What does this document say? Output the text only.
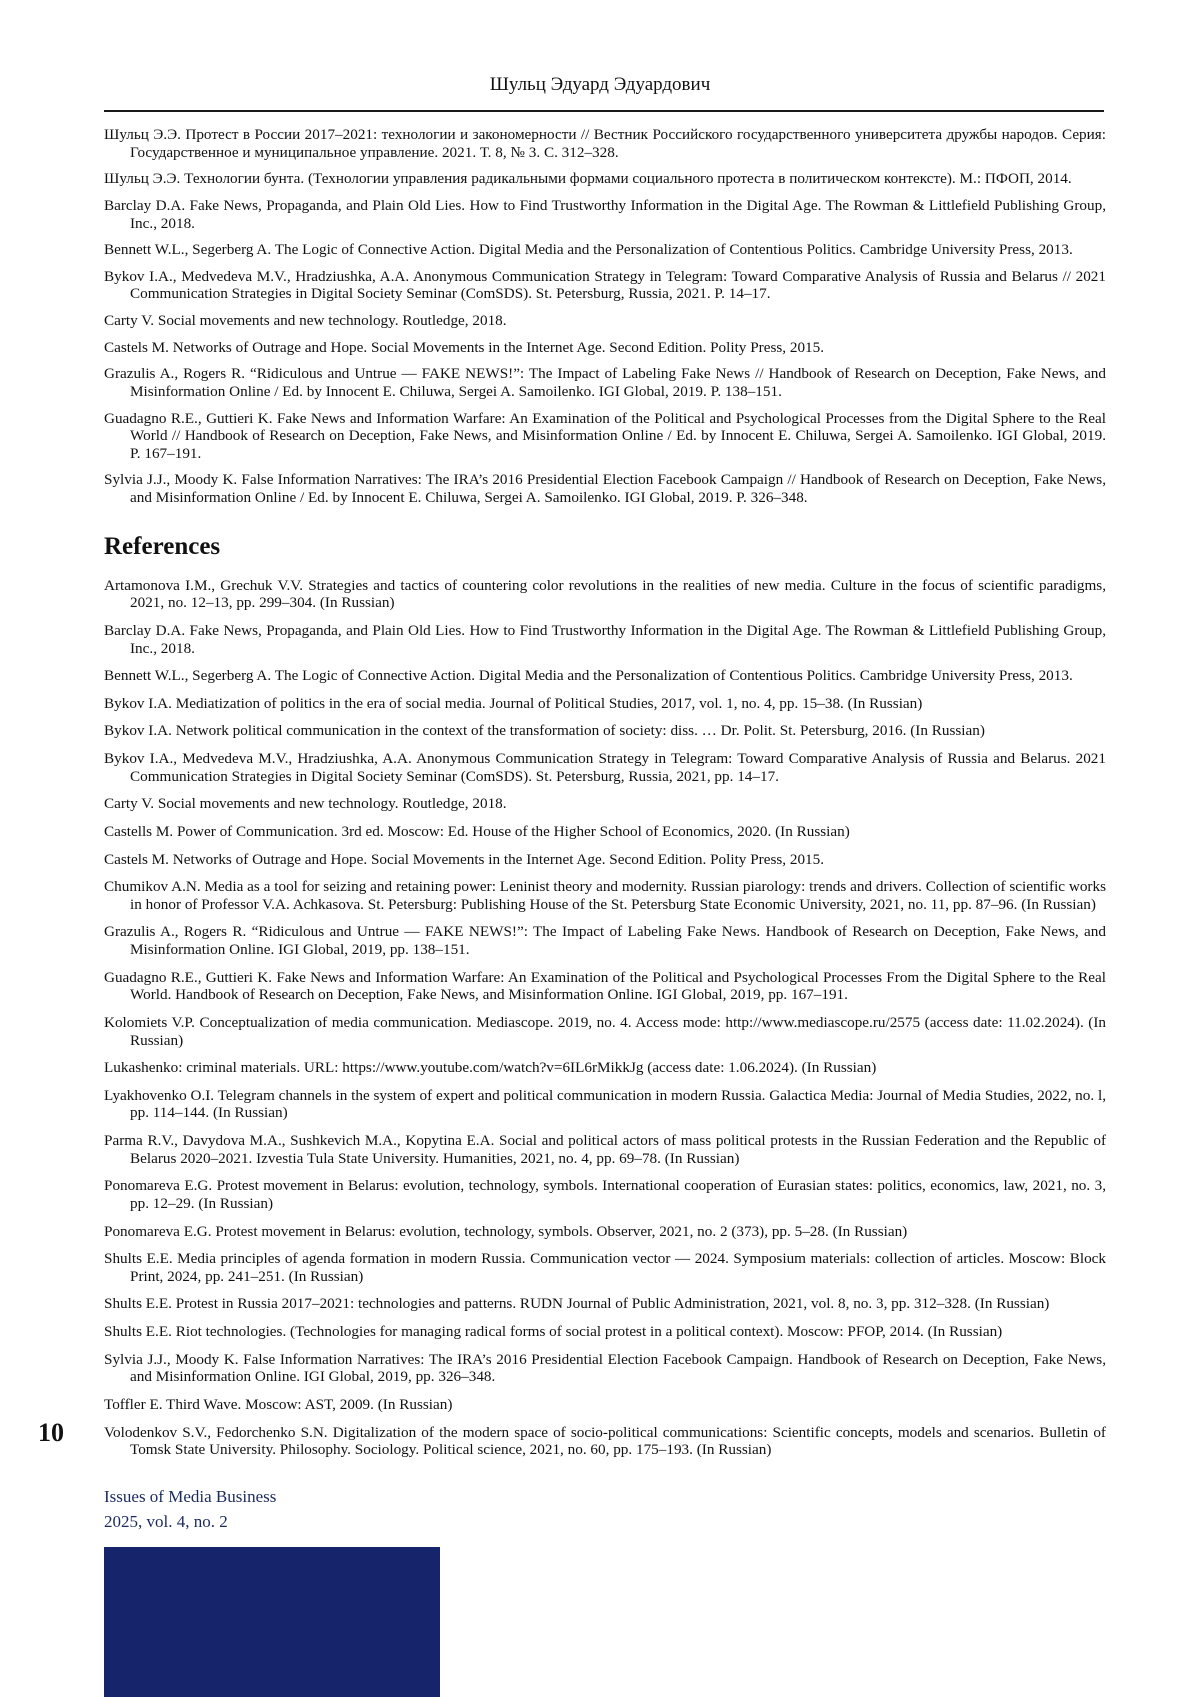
Шульц Эдуард Эдуардович
Шульц Э.Э. Протест в России 2017–2021: технологии и закономерности // Вестник Российского государственного университета дружбы народов. Серия: Государственное и муниципальное управление. 2021. Т. 8, № 3. С. 312–328.
Шульц Э.Э. Технологии бунта. (Технологии управления радикальными формами социального протеста в политическом контексте). М.: ПФОП, 2014.
Barclay D.A. Fake News, Propaganda, and Plain Old Lies. How to Find Trustworthy Information in the Digital Age. The Rowman & Littlefield Publishing Group, Inc., 2018.
Bennett W.L., Segerberg A. The Logic of Connective Action. Digital Media and the Personalization of Contentious Politics. Cambridge University Press, 2013.
Bykov I.A., Medvedeva M.V., Hradziushka, A.A. Anonymous Communication Strategy in Telegram: Toward Comparative Analysis of Russia and Belarus // 2021 Communication Strategies in Digital Society Seminar (ComSDS). St. Petersburg, Russia, 2021. P. 14–17.
Carty V. Social movements and new technology. Routledge, 2018.
Castels M. Networks of Outrage and Hope. Social Movements in the Internet Age. Second Edition. Polity Press, 2015.
Grazulis A., Rogers R. “Ridiculous and Untrue — FAKE NEWS!”: The Impact of Labeling Fake News // Handbook of Research on Deception, Fake News, and Misinformation Online / Ed. by Innocent E. Chiluwa, Sergei A. Samoilenko. IGI Global, 2019. P. 138–151.
Guadagno R.E., Guttieri K. Fake News and Information Warfare: An Examination of the Political and Psychological Processes from the Digital Sphere to the Real World // Handbook of Research on Deception, Fake News, and Misinformation Online / Ed. by Innocent E. Chiluwa, Sergei A. Samoilenko. IGI Global, 2019. P. 167–191.
Sylvia J.J., Moody K. False Information Narratives: The IRA’s 2016 Presidential Election Facebook Campaign // Handbook of Research on Deception, Fake News, and Misinformation Online / Ed. by Innocent E. Chiluwa, Sergei A. Samoilenko. IGI Global, 2019. P. 326–348.
References
Artamonova I.M., Grechuk V.V. Strategies and tactics of countering color revolutions in the realities of new media. Culture in the focus of scientific paradigms, 2021, no. 12–13, pp. 299–304. (In Russian)
Barclay D.A. Fake News, Propaganda, and Plain Old Lies. How to Find Trustworthy Information in the Digital Age. The Rowman & Littlefield Publishing Group, Inc., 2018.
Bennett W.L., Segerberg A. The Logic of Connective Action. Digital Media and the Personalization of Contentious Politics. Cambridge University Press, 2013.
Bykov I.A. Mediatization of politics in the era of social media. Journal of Political Studies, 2017, vol. 1, no. 4, pp. 15–38. (In Russian)
Bykov I.A. Network political communication in the context of the transformation of society: diss. … Dr. Polit. St. Petersburg, 2016. (In Russian)
Bykov I.A., Medvedeva M.V., Hradziushka, A.A. Anonymous Communication Strategy in Telegram: Toward Comparative Analysis of Russia and Belarus. 2021 Communication Strategies in Digital Society Seminar (ComSDS). St. Petersburg, Russia, 2021, pp. 14–17.
Carty V. Social movements and new technology. Routledge, 2018.
Castells M. Power of Communication. 3rd ed. Moscow: Ed. House of the Higher School of Economics, 2020. (In Russian)
Castels M. Networks of Outrage and Hope. Social Movements in the Internet Age. Second Edition. Polity Press, 2015.
Chumikov A.N. Media as a tool for seizing and retaining power: Leninist theory and modernity. Russian piarology: trends and drivers. Collection of scientific works in honor of Professor V.A. Achkasova. St. Petersburg: Publishing House of the St. Petersburg State Economic University, 2021, no. 11, pp. 87–96. (In Russian)
Grazulis A., Rogers R. “Ridiculous and Untrue — FAKE NEWS!”: The Impact of Labeling Fake News. Handbook of Research on Deception, Fake News, and Misinformation Online. IGI Global, 2019, pp. 138–151.
Guadagno R.E., Guttieri K. Fake News and Information Warfare: An Examination of the Political and Psychological Processes From the Digital Sphere to the Real World. Handbook of Research on Deception, Fake News, and Misinformation Online. IGI Global, 2019, pp. 167–191.
Kolomiets V.P. Conceptualization of media communication. Mediascope. 2019, no. 4. Access mode: http://www.mediascope.ru/2575 (access date: 11.02.2024). (In Russian)
Lukashenko: criminal materials. URL: https://www.youtube.com/watch?v=6IL6rMikkJg (access date: 1.06.2024). (In Russian)
Lyakhovenko O.I. Telegram channels in the system of expert and political communication in modern Russia. Galactica Media: Journal of Media Studies, 2022, no. l, pp. 114–144. (In Russian)
Parma R.V., Davydova M.A., Sushkevich M.A., Kopytina E.A. Social and political actors of mass political protests in the Russian Federation and the Republic of Belarus 2020–2021. Izvestia Tula State University. Humanities, 2021, no. 4, pp. 69–78. (In Russian)
Ponomareva E.G. Protest movement in Belarus: evolution, technology, symbols. International cooperation of Eurasian states: politics, economics, law, 2021, no. 3, pp. 12–29. (In Russian)
Ponomareva E.G. Protest movement in Belarus: evolution, technology, symbols. Observer, 2021, no. 2 (373), pp. 5–28. (In Russian)
Shults E.E. Media principles of agenda formation in modern Russia. Communication vector — 2024. Symposium materials: collection of articles. Moscow: Block Print, 2024, pp. 241–251. (In Russian)
Shults E.E. Protest in Russia 2017–2021: technologies and patterns. RUDN Journal of Public Administration, 2021, vol. 8, no. 3, pp. 312–328. (In Russian)
Shults E.E. Riot technologies. (Technologies for managing radical forms of social protest in a political context). Moscow: PFOP, 2014. (In Russian)
Sylvia J.J., Moody K. False Information Narratives: The IRA’s 2016 Presidential Election Facebook Campaign. Handbook of Research on Deception, Fake News, and Misinformation Online. IGI Global, 2019, pp. 326–348.
Toffler E. Third Wave. Moscow: AST, 2009. (In Russian)
Volodenkov S.V., Fedorchenko S.N. Digitalization of the modern space of socio-political communications: Scientific concepts, models and scenarios. Bulletin of Tomsk State University. Philosophy. Sociology. Political science, 2021, no. 60, pp. 175–193. (In Russian)
10
Issues of Media Business
2025, vol. 4, no. 2
